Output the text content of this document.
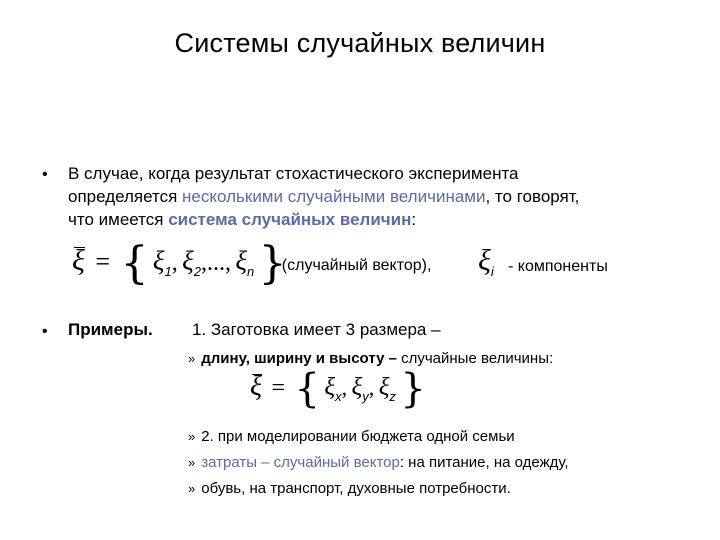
Системы случайных величин
• В случае, когда результат стохастического эксперимента
определяется несколькими случайными величинами, то говорят,
что имеется система случайных величин:
ξ = { $\xi_1$, $\xi_2$,..., $\xi_n$ }
- (случайный вектор), $\xi_i$ - компоненты
• Примеры. 1. Заготовка имеет 3 размера –
» длину, ширину и высоту – случайные величины:
ξ = { $\xi_x$, $\xi_y$, $\xi_z$ }
» 2. при моделировании бюджета одной семьи
» затраты – случайный вектор: на питание, на одежду,
» обувь, на транспорт, духовные потребности.
